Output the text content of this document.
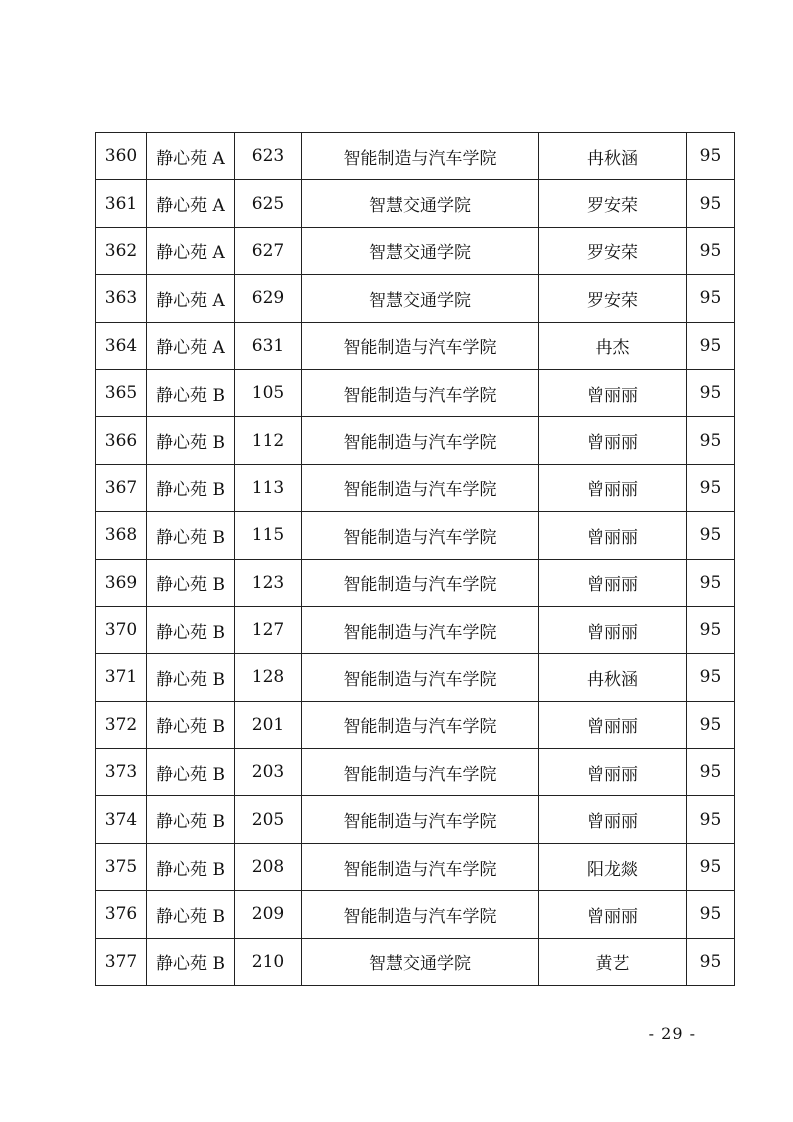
360	静心苑 A	623	智能制造与汽车学院	冉秋涵	95
361	静心苑 A	625	智慧交通学院	罗安荣	95
362	静心苑 A	627	智慧交通学院	罗安荣	95
363	静心苑 A	629	智慧交通学院	罗安荣	95
364	静心苑 A	631	智能制造与汽车学院	冉杰	95
365	静心苑 B	105	智能制造与汽车学院	曾丽丽	95
366	静心苑 B	112	智能制造与汽车学院	曾丽丽	95
367	静心苑 B	113	智能制造与汽车学院	曾丽丽	95
368	静心苑 B	115	智能制造与汽车学院	曾丽丽	95
369	静心苑 B	123	智能制造与汽车学院	曾丽丽	95
370	静心苑 B	127	智能制造与汽车学院	曾丽丽	95
371	静心苑 B	128	智能制造与汽车学院	冉秋涵	95
372	静心苑 B	201	智能制造与汽车学院	曾丽丽	95
373	静心苑 B	203	智能制造与汽车学院	曾丽丽	95
374	静心苑 B	205	智能制造与汽车学院	曾丽丽	95
375	静心苑 B	208	智能制造与汽车学院	阳龙燚	95
376	静心苑 B	209	智能制造与汽车学院	曾丽丽	95
377	静心苑 B	210	智慧交通学院	黄艺	95
- 29 -
